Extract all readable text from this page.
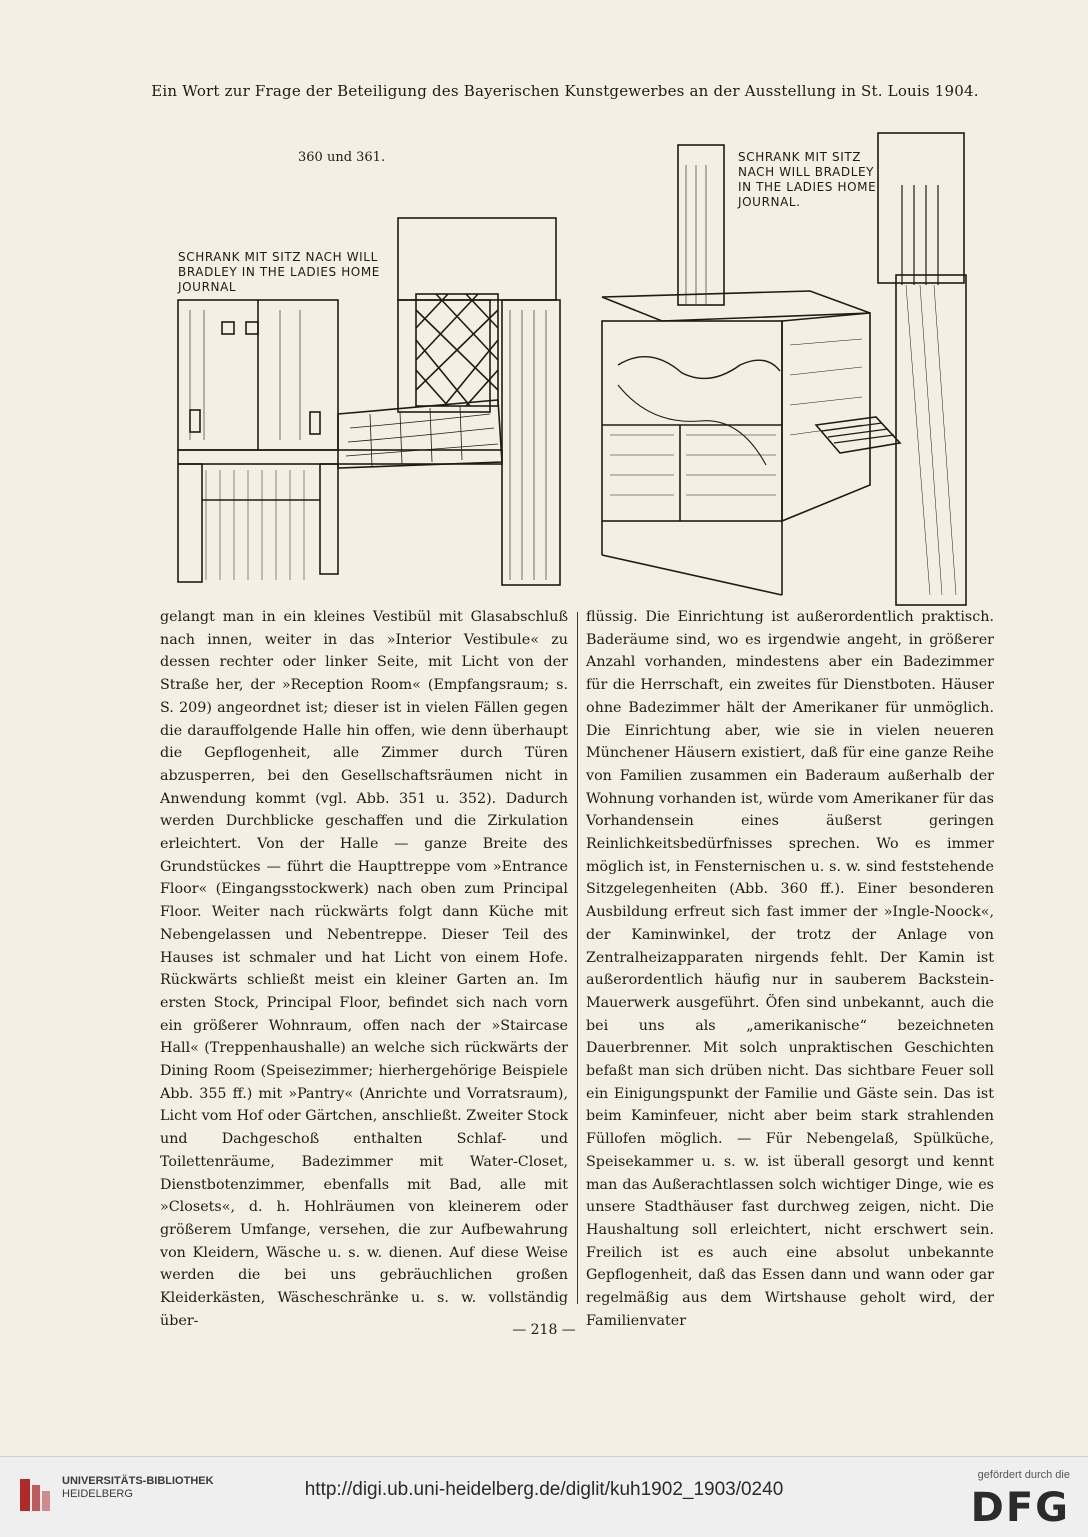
Ein Wort zur Frage der Beteiligung des Bayerischen Kunstgewerbes an der Ausstellung in St. Louis 1904.
360 und 361.
SCHRANK MIT SITZ NACH WILL BRADLEY IN THE LADIES HOME JOURNAL
SCHRANK MIT SITZ NACH WILL BRADLEY IN THE LADIES HOME JOURNAL.

gelangt man in ein kleines Vestibül mit Glasabschluß nach innen, weiter in das »Interior Vestibule« zu dessen rechter oder linker Seite, mit Licht von der Straße her, der »Reception Room« (Empfangsraum; s. S. 209) angeordnet ist; dieser ist in vielen Fällen gegen die darauffolgende Halle hin offen, wie denn überhaupt die Gepflogenheit, alle Zimmer durch Türen abzusperren, bei den Gesellschaftsräumen nicht in Anwendung kommt (vgl. Abb. 351 u. 352). Dadurch werden Durchblicke geschaffen und die Zirkulation erleichtert. Von der Halle — ganze Breite des Grundstückes — führt die Haupttreppe vom »Entrance Floor« (Eingangsstockwerk) nach oben zum Principal Floor. Weiter nach rückwärts folgt dann Küche mit Nebengelassen und Nebentreppe. Dieser Teil des Hauses ist schmaler und hat Licht von einem Hofe. Rückwärts schließt meist ein kleiner Garten an. Im ersten Stock, Principal Floor, befindet sich nach vorn ein größerer Wohnraum, offen nach der »Staircase Hall« (Treppenhaushalle) an welche sich rückwärts der Dining Room (Speisezimmer; hierhergehörige Beispiele Abb. 355 ff.) mit »Pantry« (Anrichte und Vorratsraum), Licht vom Hof oder Gärtchen, anschließt. Zweiter Stock und Dachgeschoß enthalten Schlaf- und Toilettenräume, Badezimmer mit Water-Closet, Dienstbotenzimmer, ebenfalls mit Bad, alle mit »Closets«, d. h. Hohlräumen von kleinerem oder größerem Umfange, versehen, die zur Aufbewahrung von Kleidern, Wäsche u. s. w. dienen. Auf diese Weise werden die bei uns gebräuchlichen großen Kleiderkästen, Wäscheschränke u. s. w. vollständig über-

flüssig. Die Einrichtung ist außerordentlich praktisch. Baderäume sind, wo es irgendwie angeht, in größerer Anzahl vorhanden, mindestens aber ein Badezimmer für die Herrschaft, ein zweites für Dienstboten. Häuser ohne Badezimmer hält der Amerikaner für unmöglich. Die Einrichtung aber, wie sie in vielen neueren Münchener Häusern existiert, daß für eine ganze Reihe von Familien zusammen ein Baderaum außerhalb der Wohnung vorhanden ist, würde vom Amerikaner für das Vorhandensein eines äußerst geringen Reinlichkeitsbedürfnisses sprechen. Wo es immer möglich ist, in Fensternischen u. s. w. sind feststehende Sitzgelegenheiten (Abb. 360 ff.). Einer besonderen Ausbildung erfreut sich fast immer der »Ingle-Noock«, der Kaminwinkel, der trotz der Anlage von Zentralheizapparaten nirgends fehlt. Der Kamin ist außerordentlich häufig nur in sauberem Backstein-Mauerwerk ausgeführt. Öfen sind unbekannt, auch die bei uns als „amerikanische“ bezeichneten Dauerbrenner. Mit solch unpraktischen Geschichten befaßt man sich drüben nicht. Das sichtbare Feuer soll ein Einigungspunkt der Familie und Gäste sein. Das ist beim Kaminfeuer, nicht aber beim stark strahlenden Füllofen möglich. — Für Nebengelaß, Spülküche, Speisekammer u. s. w. ist überall gesorgt und kennt man das Außerachtlassen solch wichtiger Dinge, wie es unsere Stadthäuser fast durchweg zeigen, nicht. Die Haushaltung soll erleichtert, nicht erschwert sein. Freilich ist es auch eine absolut unbekannte Gepflogenheit, daß das Essen dann und wann oder gar regelmäßig aus dem Wirtshause geholt wird, der Familienvater

— 218 —
UNIVERSITÄTS-BIBLIOTHEK
HEIDELBERG	http://digi.ub.uni-heidelberg.de/diglit/kuh1902_1903/0240
gefördert durch die
DFG
